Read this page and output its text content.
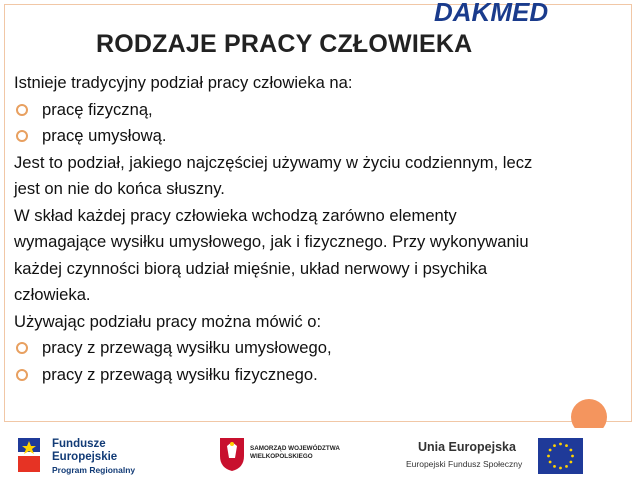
DAKMED
RODZAJE PRACY CZŁOWIEKA
Istnieje tradycyjny podział pracy człowieka na:
pracę fizyczną,
pracę umysłową.
Jest to podział, jakiego najczęściej używamy w życiu codziennym, lecz
jest on nie do końca słuszny.
W skład każdej pracy człowieka wchodzą zarówno elementy
wymagające wysiłku umysłowego, jak i fizycznego. Przy wykonywaniu
każdej czynności biorą udział mięśnie, układ nerwowy i psychika
człowieka.
Używając podziału pracy można mówić o:
pracy z przewagą wysiłku umysłowego,
pracy z przewagą wysiłku fizycznego.
Fundusze
Europejskie
Program Regionalny
SAMORZĄD WOJEWÓDZTWA
WIELKOPOLSKIEGO
Unia Europejska
Europejski Fundusz Społeczny
